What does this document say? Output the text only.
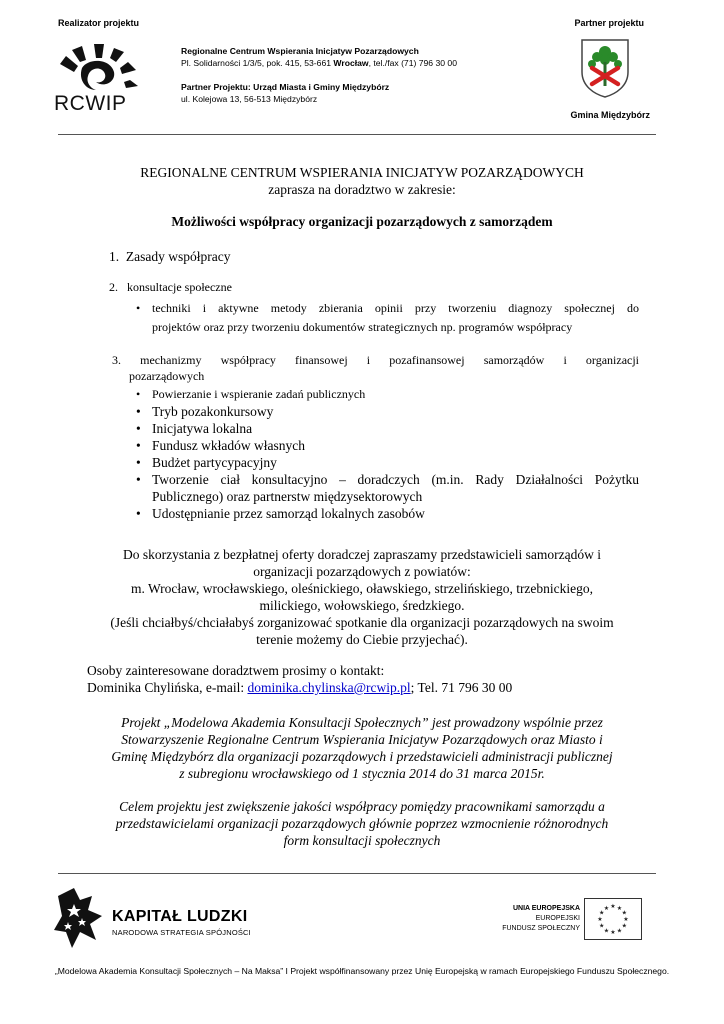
Realizator projektu	Partner projektu
RCWIP
Regionalne Centrum Wspierania Inicjatyw Pozarządowych
Pl. Solidarności 1/3/5, pok. 415, 53-661 Wrocław, tel./fax (71) 796 30 00
Partner Projektu: Urząd Miasta i Gminy Międzybórz
ul. Kolejowa 13, 56-513 Międzybórz
Gmina Międzybórz
REGIONALNE CENTRUM WSPIERANIA INICJATYW POZARZĄDOWYCH
zaprasza na doradztwo w zakresie:
Możliwości współpracy organizacji pozarządowych z samorządem
1. Zasady współpracy
2. konsultacje społeczne
• techniki i aktywne metody zbierania opinii przy tworzeniu diagnozy społecznej do
projektów oraz przy tworzeniu dokumentów strategicznych np. programów współpracy
3. mechanizmy współpracy finansowej i pozafinansowej samorządów i organizacji
pozarządowych
• Powierzanie i wspieranie zadań publicznych
• Tryb pozakonkursowy
• Inicjatywa lokalna
• Fundusz wkładów własnych
• Budżet partycypacyjny
• Tworzenie ciał konsultacyjno – doradczych (m.in. Rady Działalności Pożytku
Publicznego) oraz partnerstw międzysektorowych
• Udostępnianie przez samorząd lokalnych zasobów
Do skorzystania z bezpłatnej oferty doradczej zapraszamy przedstawicieli samorządów i
organizacji pozarządowych z powiatów:
m. Wrocław, wrocławskiego, oleśnickiego, oławskiego, strzelińskiego, trzebnickiego,
milickiego, wołowskiego, średzkiego.
(Jeśli chciałbyś/chciałabyś zorganizować spotkanie dla organizacji pozarządowych na swoim
terenie możemy do Ciebie przyjechać).
Osoby zainteresowane doradztwem prosimy o kontakt:
Dominika Chylińska, e-mail: dominika.chylinska@rcwip.pl; Tel. 71 796 30 00
Projekt „Modelowa Akademia Konsultacji Społecznych” jest prowadzony wspólnie przez
Stowarzyszenie Regionalne Centrum Wspierania Inicjatyw Pozarządowych oraz Miasto i
Gminę Międzybórz dla organizacji pozarządowych i przedstawicieli administracji publicznej
z subregionu wrocławskiego od 1 stycznia 2014 do 31 marca 2015r.
Celem projektu jest zwiększenie jakości współpracy pomiędzy pracownikami samorządu a
przedstawicielami organizacji pozarządowych głównie poprzez wzmocnienie różnorodnych
form konsultacji społecznych
KAPITAŁ LUDZKI
NARODOWA STRATEGIA SPÓJNOŚCI
UNIA EUROPEJSKA
EUROPEJSKI
FUNDUSZ SPOŁECZNY
★
★
★
★
★
★
★
★
★ ★ ★
★
„Modelowa Akademia Konsultacji Społecznych – Na Maksa” I Projekt współfinansowany przez Unię Europejską w ramach Europejskiego Funduszu Społecznego.
